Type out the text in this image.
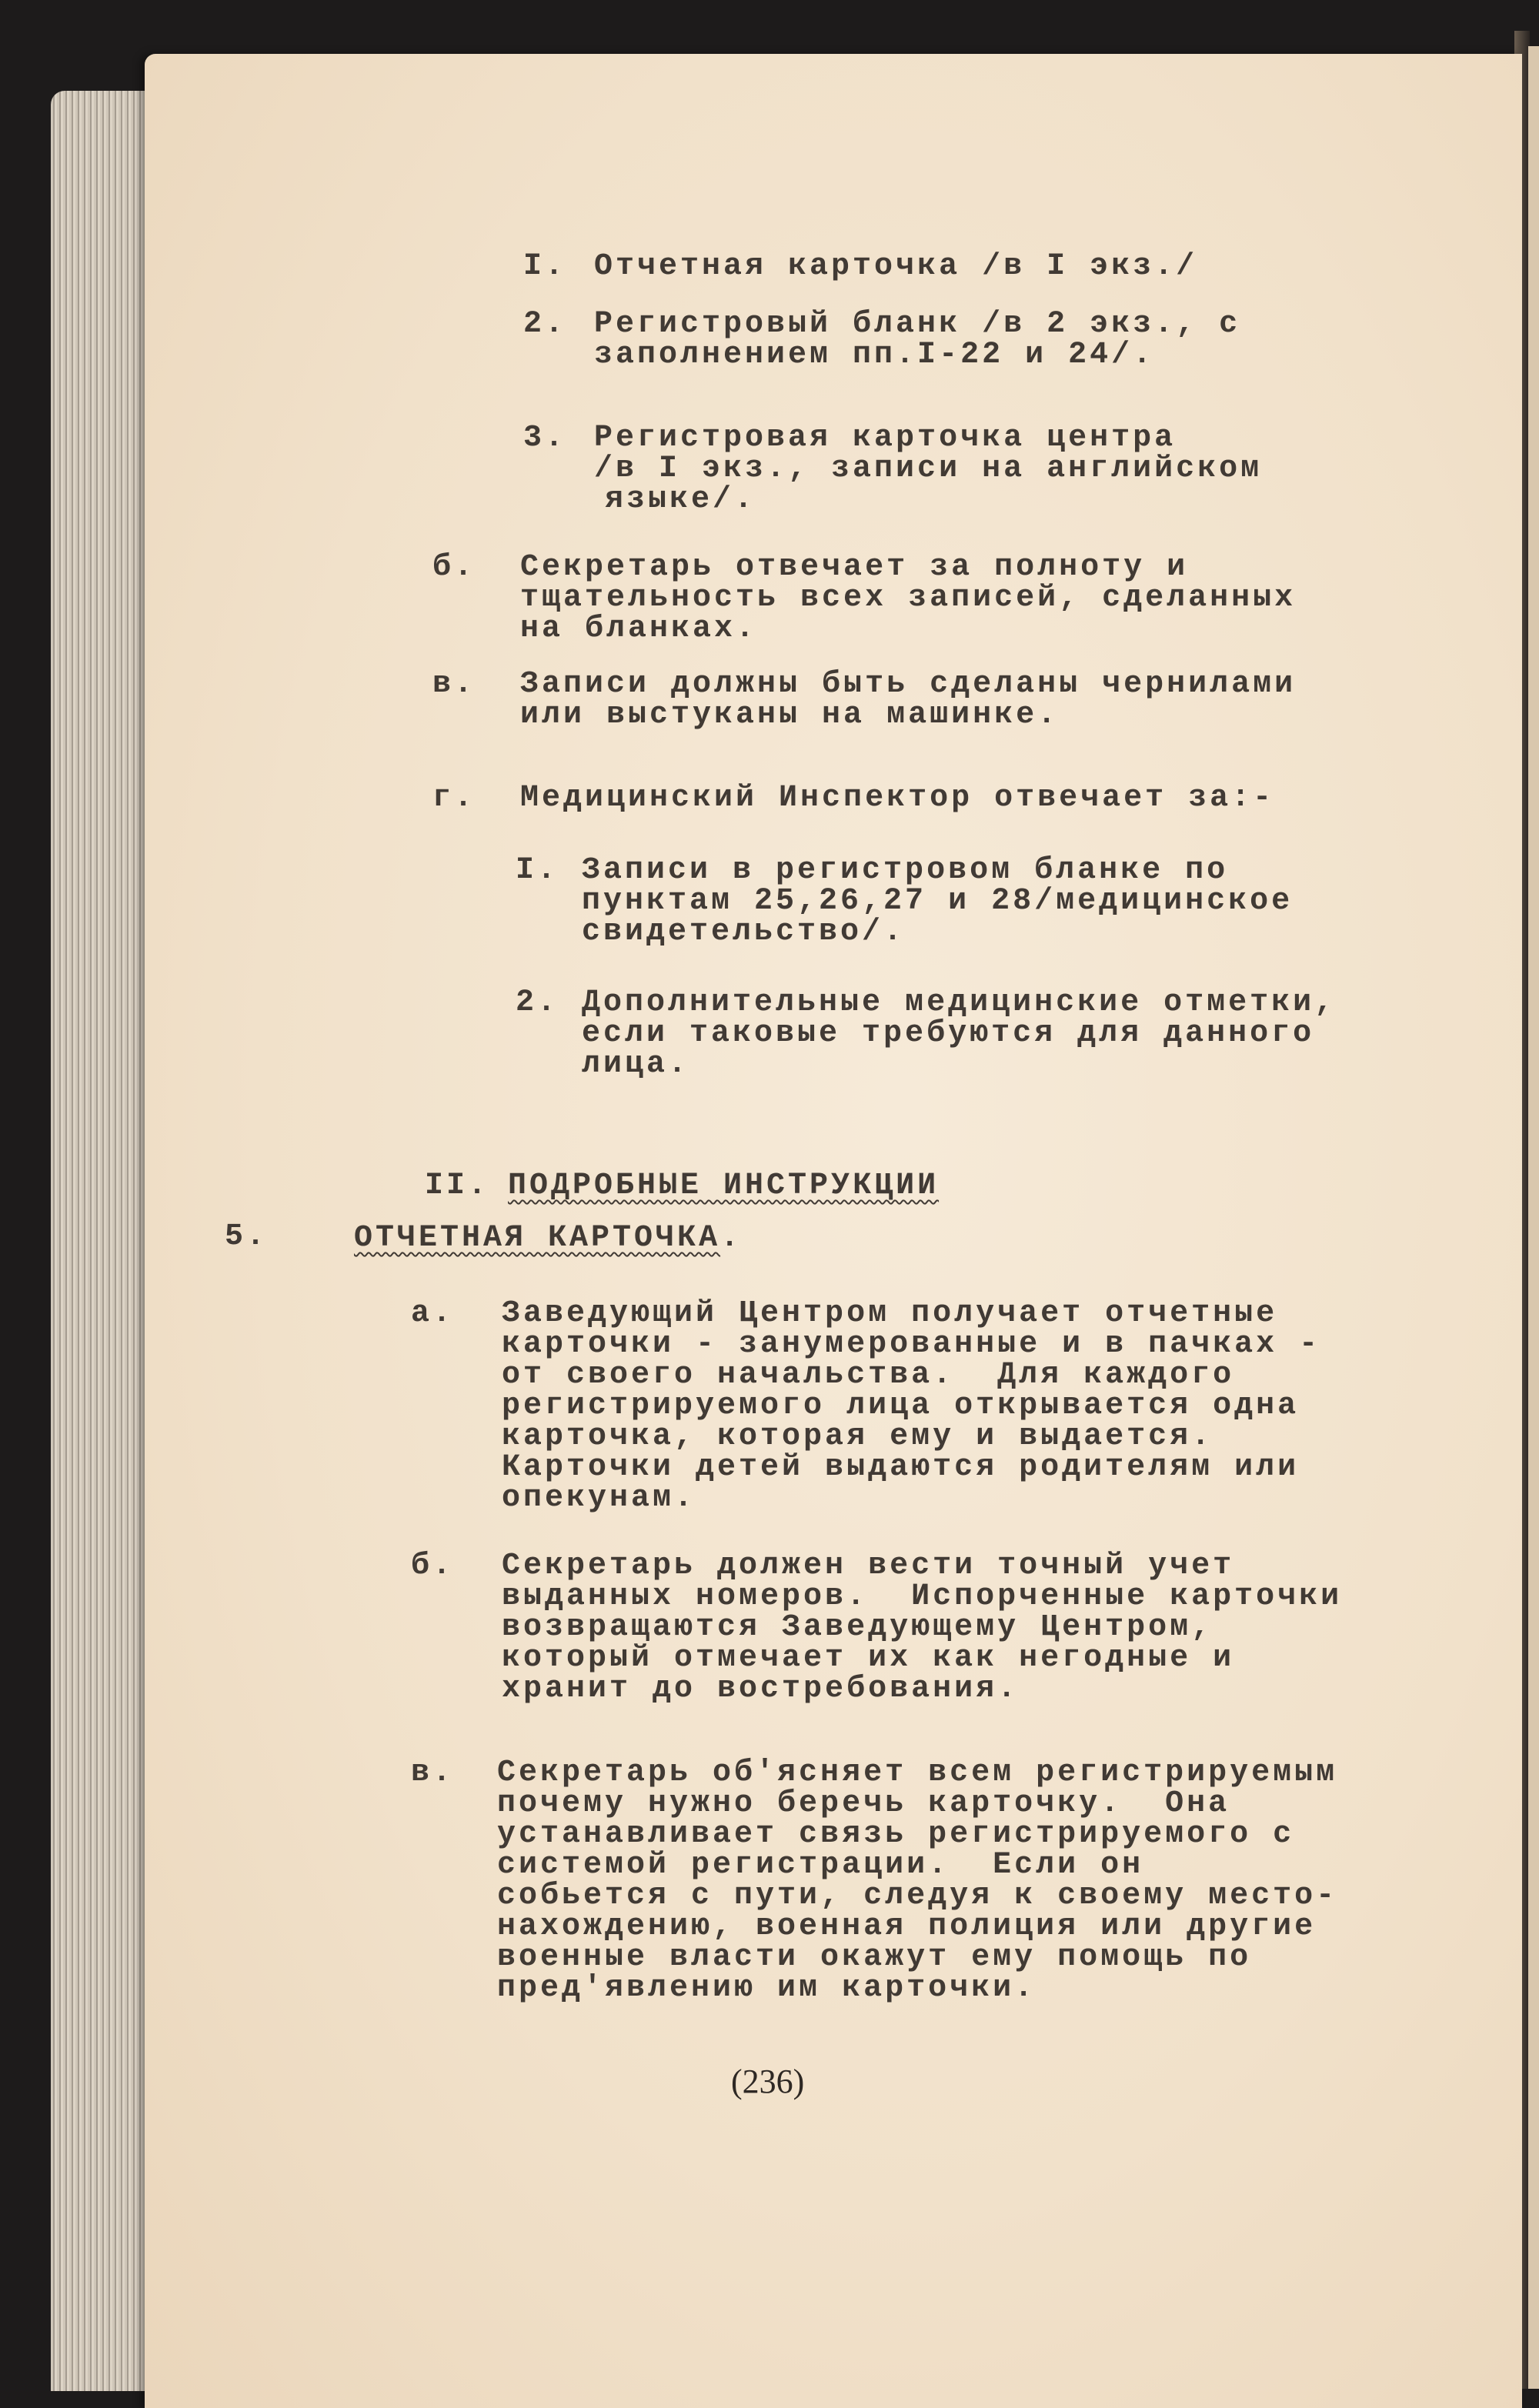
I. Отчетная карточка /в I экз./
2. Регистровый бланк /в 2 экз., с
заполнением пп.I-22 и 24/.
3. Регистровая карточка центра
/в I экз., записи на английском
языке/.
б. Секретарь отвечает за полноту и
тщательность всех записей, сделанных
на бланках.
в. Записи должны быть сделаны чернилами
или выстуканы на машинке.
г. Медицинский Инспектор отвечает за:-
I. Записи в регистровом бланке по
пунктам 25,26,27 и 28/медицинское
свидетельство/.
2. Дополнительные медицинские отметки,
если таковые требуются для данного
лица.
II. ПОДРОБНЫЕ ИНСТРУКЦИИ
5.	ОТЧЕТНАЯ КАРТОЧКА.
а. Заведующий Центром получает отчетные
карточки - занумерованные и в пачках -
от своего начальства.  Для каждого
регистрируемого лица открывается одна
карточка, которая ему и выдается.
Карточки детей выдаются родителям или
опекунам.
б. Секретарь должен вести точный учет
выданных номеров.  Испорченные карточки
возвращаются Заведующему Центром,
который отмечает их как негодные и
хранит до востребования.
в. Секретарь об'ясняет всем регистрируемым
почему нужно беречь карточку.  Она
устанавливает связь регистрируемого с
системой регистрации.  Если он
собьется с пути, следуя к своему место-
нахождению, военная полиция или другие
военные власти окажут ему помощь по
пред'явлению им карточки.
(236)
